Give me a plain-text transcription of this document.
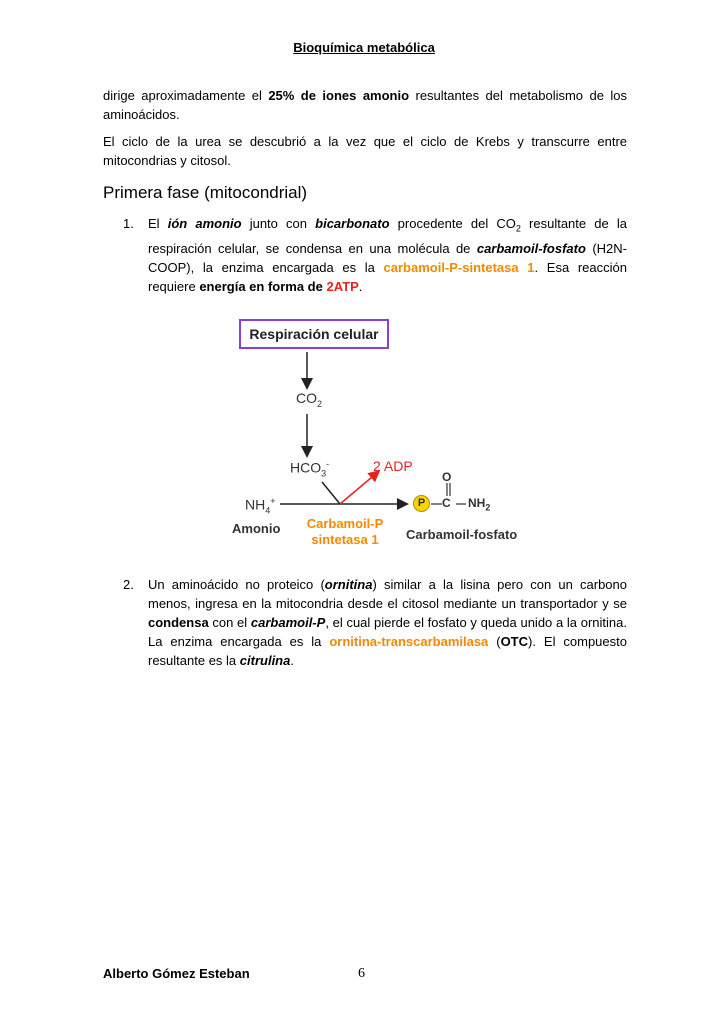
Bioquímica metabólica
dirige aproximadamente el 25% de iones amonio resultantes del metabolismo de los aminoácidos.
El ciclo de la urea se descubrió a la vez que el ciclo de Krebs y transcurre entre mitocondrias y citosol.
Primera fase (mitocondrial)
1. El ión amonio junto con bicarbonato procedente del $CO_2$ resultante de la respiración celular, se condensa en una molécula de carbamoil-fosfato (H2N-COOP), la enzima encargada es la carbamoil-P-sintetasa 1. Esa reacción requiere energía en forma de 2ATP.
Respiración celular
$CO_2$
$HCO_3^-$	2 ADP
$NH_4^+$
Amonio	Carbamoil-P
sintetasa 1	Carbamoil-fosfato
P	C
O
$NH_2$
2. Un aminoácido no proteico (ornitina) similar a la lisina pero con un carbono menos, ingresa en la mitocondria desde el citosol mediante un transportador y se condensa con el carbamoil-P, el cual pierde el fosfato y queda unido a la ornitina. La enzima encargada es la ornitina-transcarbamilasa (OTC). El compuesto resultante es la citrulina.
Alberto Gómez Esteban	6
